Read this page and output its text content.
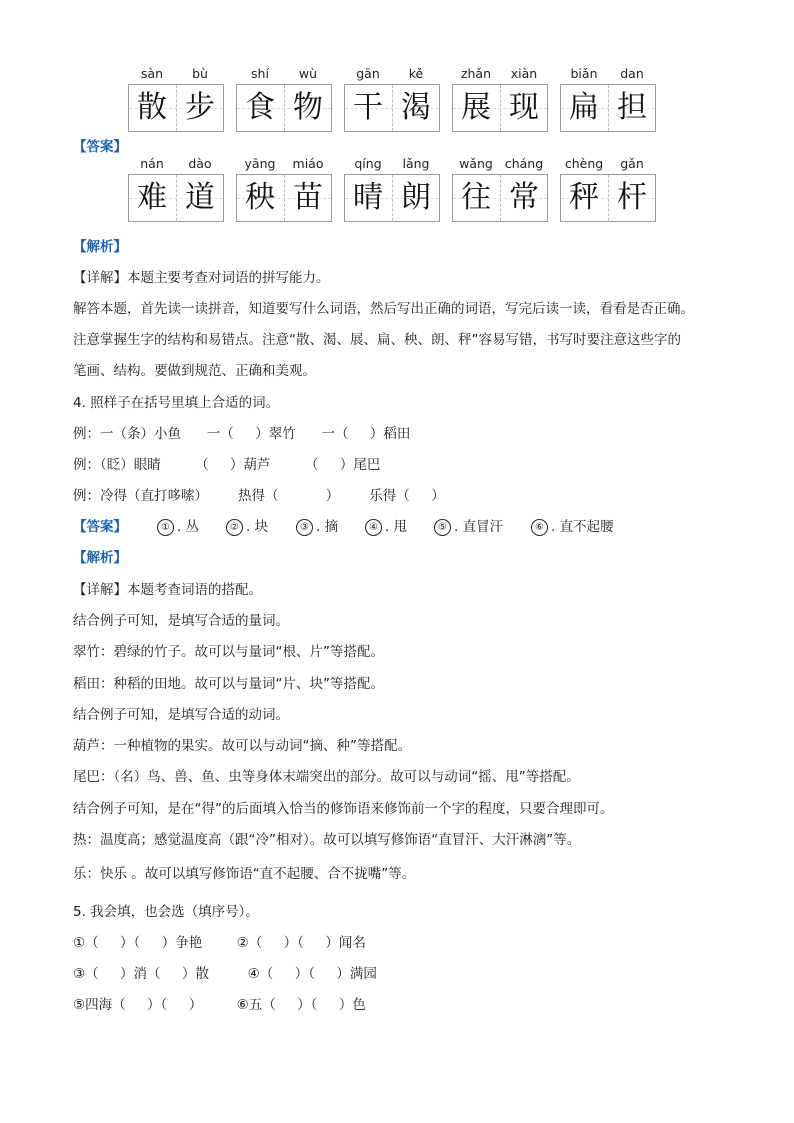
sàn	bù	shí	wù	gān	kě	zhǎn	xiàn	biǎn	dan
散 步	食 物	干 渴	展 现	扁 担
【答案】
nán	dào	yāng	miáo	qíng	lǎng	wǎng cháng	chèng	gǎn
难 道	秧 苗	晴 朗	往 常	秤 杆
【解析】
【详解】本题主要考查对词语的拼写能力。
解答本题，首先读一读拼音，知道要写什么词语，然后写出正确的词语，写完后读一读，看看是否正确。
注意掌握生字的结构和易错点。注意“散、渴、展、扁、秧、朗、秤”容易写错，书写时要注意这些字的
笔画、结构。要做到规范、正确和美观。
4. 照样子在括号里填上合适的词。
例：一（条）小鱼      一（     ）翠竹      一（     ）稻田
例：（眨）眼睛        （     ）葫芦        （     ）尾巴
例：冷得（直打哆嗦）       热得（           ）       乐得（     ）
【答案】	① . 丛	② . 块	③ . 摘	④ . 甩	⑤ . 直冒汗	⑥ . 直不起腰
【解析】
【详解】本题考查词语的搭配。
结合例子可知，是填写合适的量词。
翠竹：碧绿的竹子。故可以与量词“根、片”等搭配。
稻田：种稻的田地。故可以与量词“片、块”等搭配。
结合例子可知，是填写合适的动词。
葫芦：一种植物的果实。故可以与动词“摘、种”等搭配。
尾巴：（名）鸟、兽、鱼、虫等身体末端突出的部分。故可以与动词“摇、甩”等搭配。
结合例子可知，是在“得”的后面填入恰当的修饰语来修饰前一个字的程度，只要合理即可。
热：温度高；感觉温度高（跟“冷”相对）。故可以填写修饰语“直冒汗、大汗淋漓”等。
乐：快乐 。故可以填写修饰语“直不起腰、合不拢嘴”等。
5. 我会填，也会选（填序号）。
①（     ）（     ）争艳        ②（     ）（     ）闻名
③（     ）消（     ）散         ④（     ）（     ）满园
⑤四海（     ）（     ）        ⑥五（     ）（     ）色
